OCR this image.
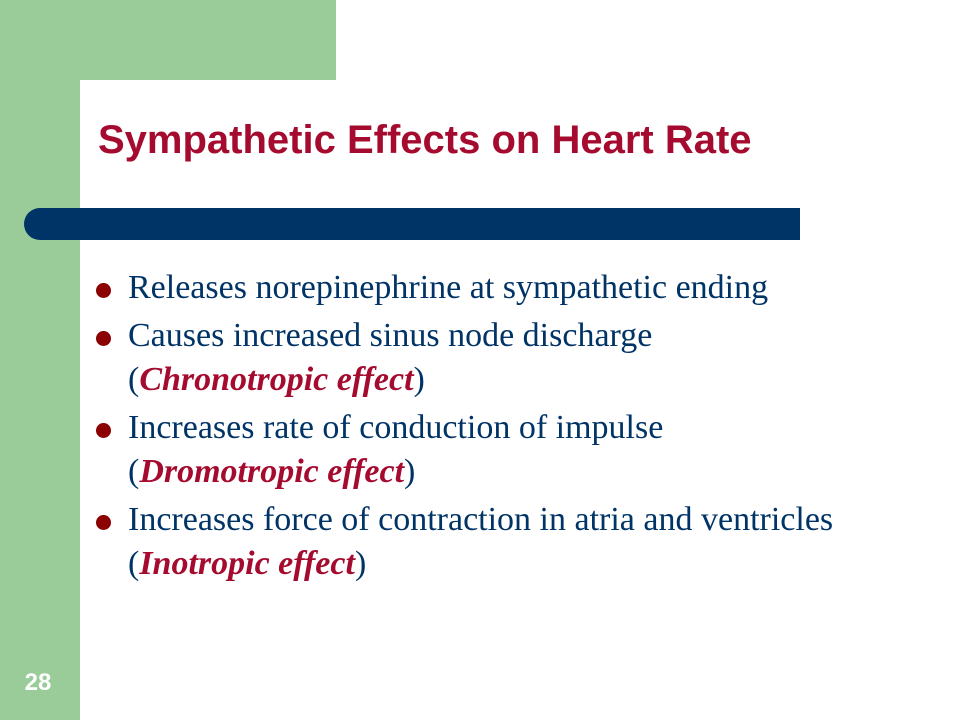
Sympathetic Effects on Heart Rate
Releases norepinephrine at sympathetic ending
Causes increased sinus node discharge (Chronotropic effect)
Increases rate of conduction of impulse (Dromotropic effect)
Increases force of contraction in atria and ventricles (Inotropic effect)
28
